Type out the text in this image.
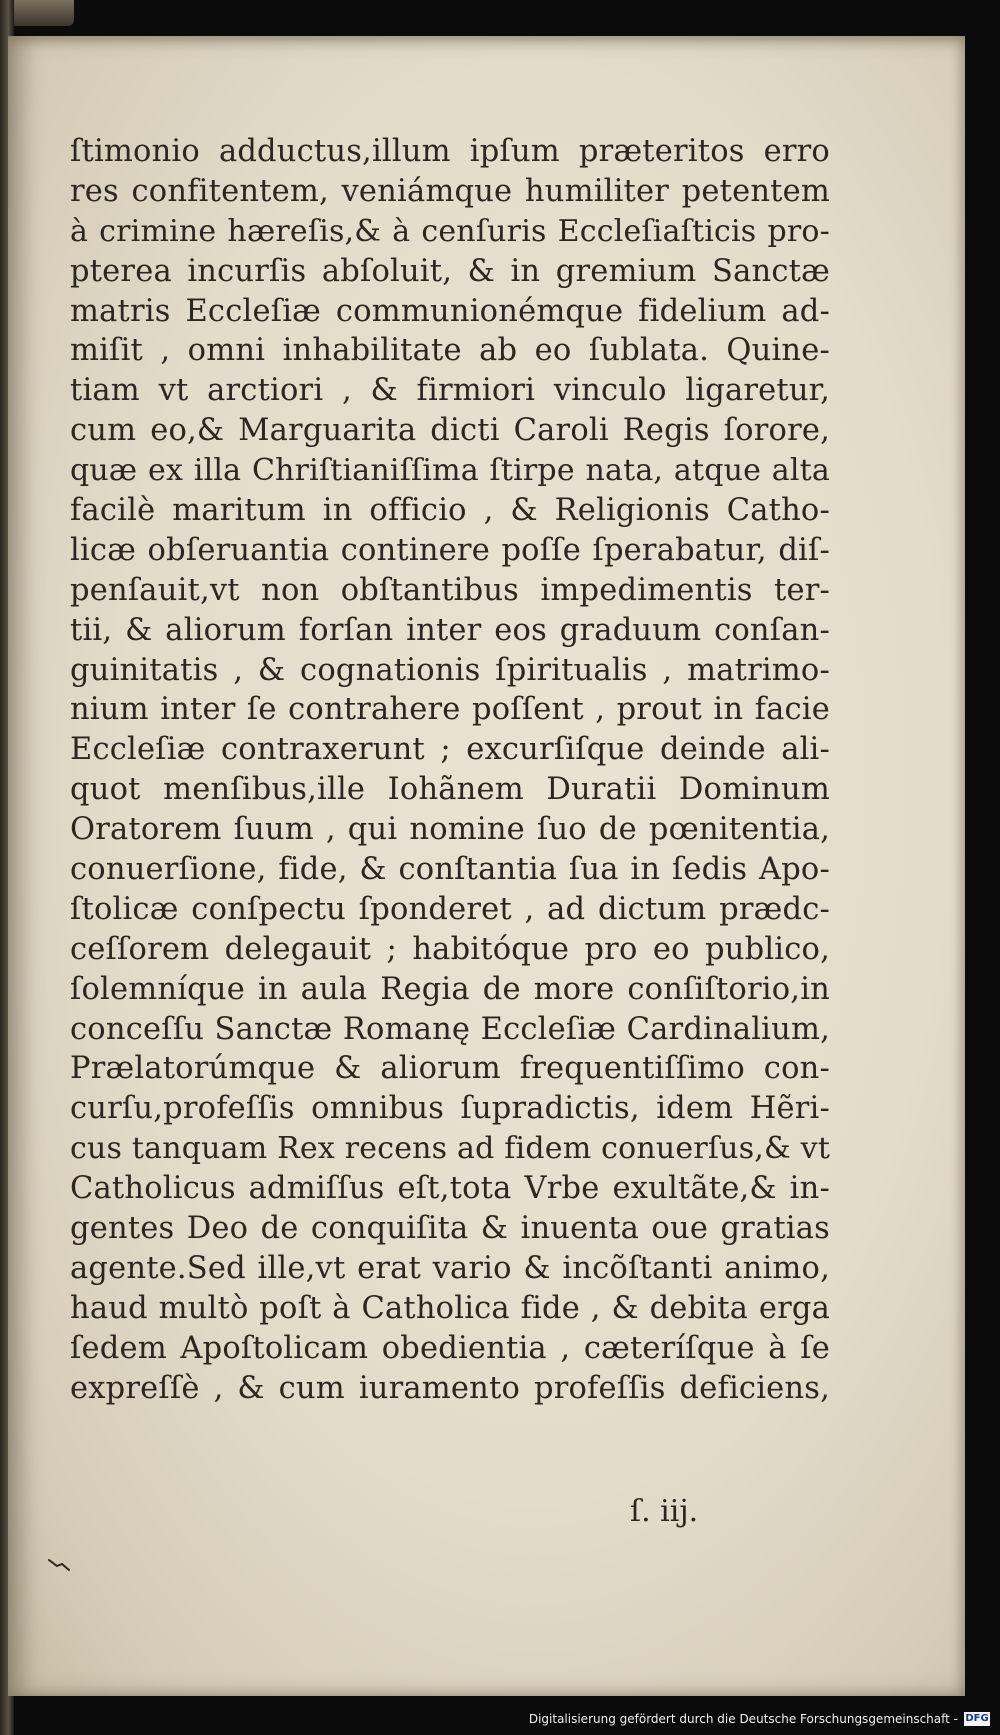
ſtimonio adductus,illum ipſum præteritos erro
res confitentem, veniámque humiliter petentem
à crimine hæreſis,& à cenſuris Eccleſiaſticis pro-
pterea incurſis abſoluit, & in gremium Sanctæ
matris Eccleſiæ communionémque fidelium ad-
miſit , omni inhabilitate ab eo ſublata. Quine-
tiam vt arctiori , & firmiori vinculo ligaretur,
cum eo,& Marguarita dicti Caroli Regis ſorore,
quæ ex illa Chriſtianiſſima ſtirpe nata, atque alta
facilè maritum in officio , & Religionis Catho-
licæ obſeruantia continere poſſe ſperabatur, diſ-
penſauit,vt non obſtantibus impedimentis ter-
tii, & aliorum forſan inter eos graduum conſan-
guinitatis , & cognationis ſpiritualis , matrimo-
nium inter ſe contrahere poſſent , prout in facie
Eccleſiæ contraxerunt ; excurſiſque deinde ali-
quot menſibus,ille Iohãnem Duratii Dominum
Oratorem ſuum , qui nomine ſuo de pœnitentia,
conuerſione, fide, & conſtantia ſua in ſedis Apo-
ſtolicæ conſpectu ſponderet , ad dictum prædc-
ceſſorem delegauit ; habitóque pro eo publico,
ſolemníque in aula Regia de more conſiſtorio,in
conceſſu Sanctæ Romanę Eccleſiæ Cardinalium,
Prælatorúmque & aliorum frequentiſſimo con-
curſu,profeſſis omnibus ſupradictis, idem Hẽri-
cus tanquam Rex recens ad fidem conuerſus,& vt
Catholicus admiſſus eſt,tota Vrbe exultãte,& in-
gentes Deo de conquiſita & inuenta oue gratias
agente.Sed ille,vt erat vario & incõſtanti animo,
haud multò poſt à Catholica fide , & debita erga
ſedem Apoſtolicam obedientia , cæteríſque à ſe
expreſſè , & cum iuramento profeſſis deficiens,
ſ. iij.
Digitalisierung gefördert durch die Deutsche Forschungsgemeinschaft - DFG
